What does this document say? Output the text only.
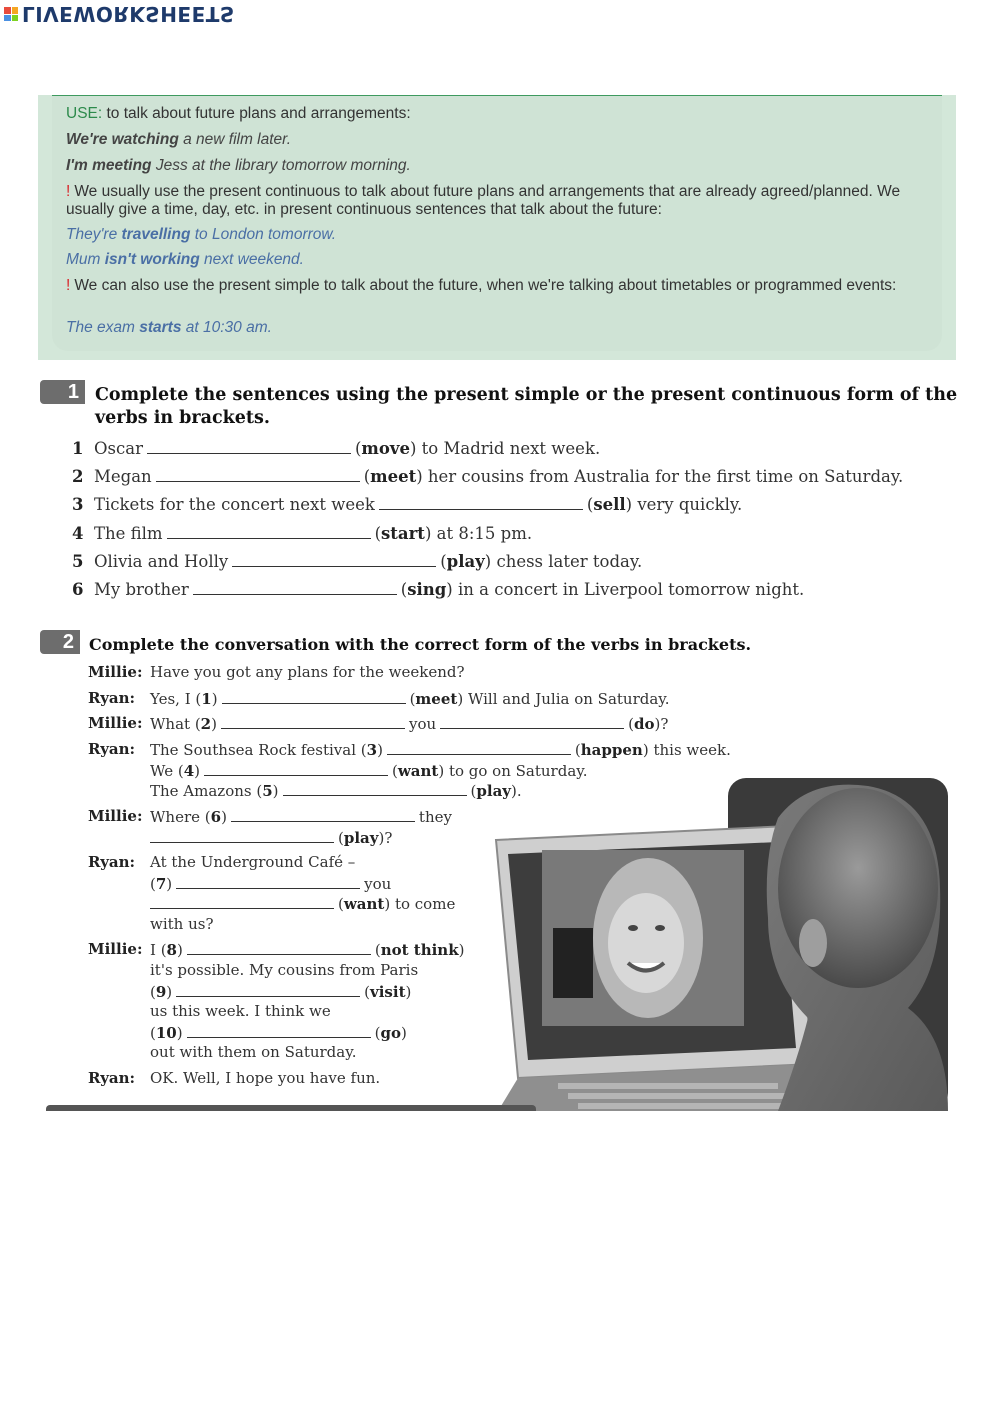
LIVEWORKSHEETS
USE: to talk about future plans and arrangements:
We're watching a new film later.
I'm meeting Jess at the library tomorrow morning.
! We usually use the present continuous to talk about future plans and arrangements that are already agreed/planned. We usually give a time, day, etc. in present continuous sentences that talk about the future:
They're travelling to London tomorrow.
Mum isn't working next weekend.
! We can also use the present simple to talk about the future, when we're talking about timetables or programmed events:
The exam starts at 10:30 am.
1 Complete the sentences using the present simple or the present continuous form of the verbs in brackets.
1 Oscar	(move) to Madrid next week.
2 Megan	(meet) her cousins from Australia for the first time on Saturday.
3 Tickets for the concert next week	(sell) very quickly.
4 The film	(start) at 8:15 pm.
5 Olivia and Holly	(play) chess later today.
6 My brother	(sing) in a concert in Liverpool tomorrow night.
2 Complete the conversation with the correct form of the verbs in brackets.
Millie: Have you got any plans for the weekend?
Ryan: Yes, I (1)	(meet) Will and Julia on Saturday.
Millie: What (2)	you	(do)?
Ryan: The Southsea Rock festival (3)	(happen) this week.
We (4)	(want) to go on Saturday.
The Amazons (5)	(play).
Millie: Where (6)	they
(play)?
Ryan: At the Underground Café –
(7)	you
(want) to come
with us?
Millie: I (8)	(not think)
it's possible. My cousins from Paris
(9)	(visit)
us this week. I think we
(10)	(go)
out with them on Saturday.
Ryan: OK. Well, I hope you have fun.
